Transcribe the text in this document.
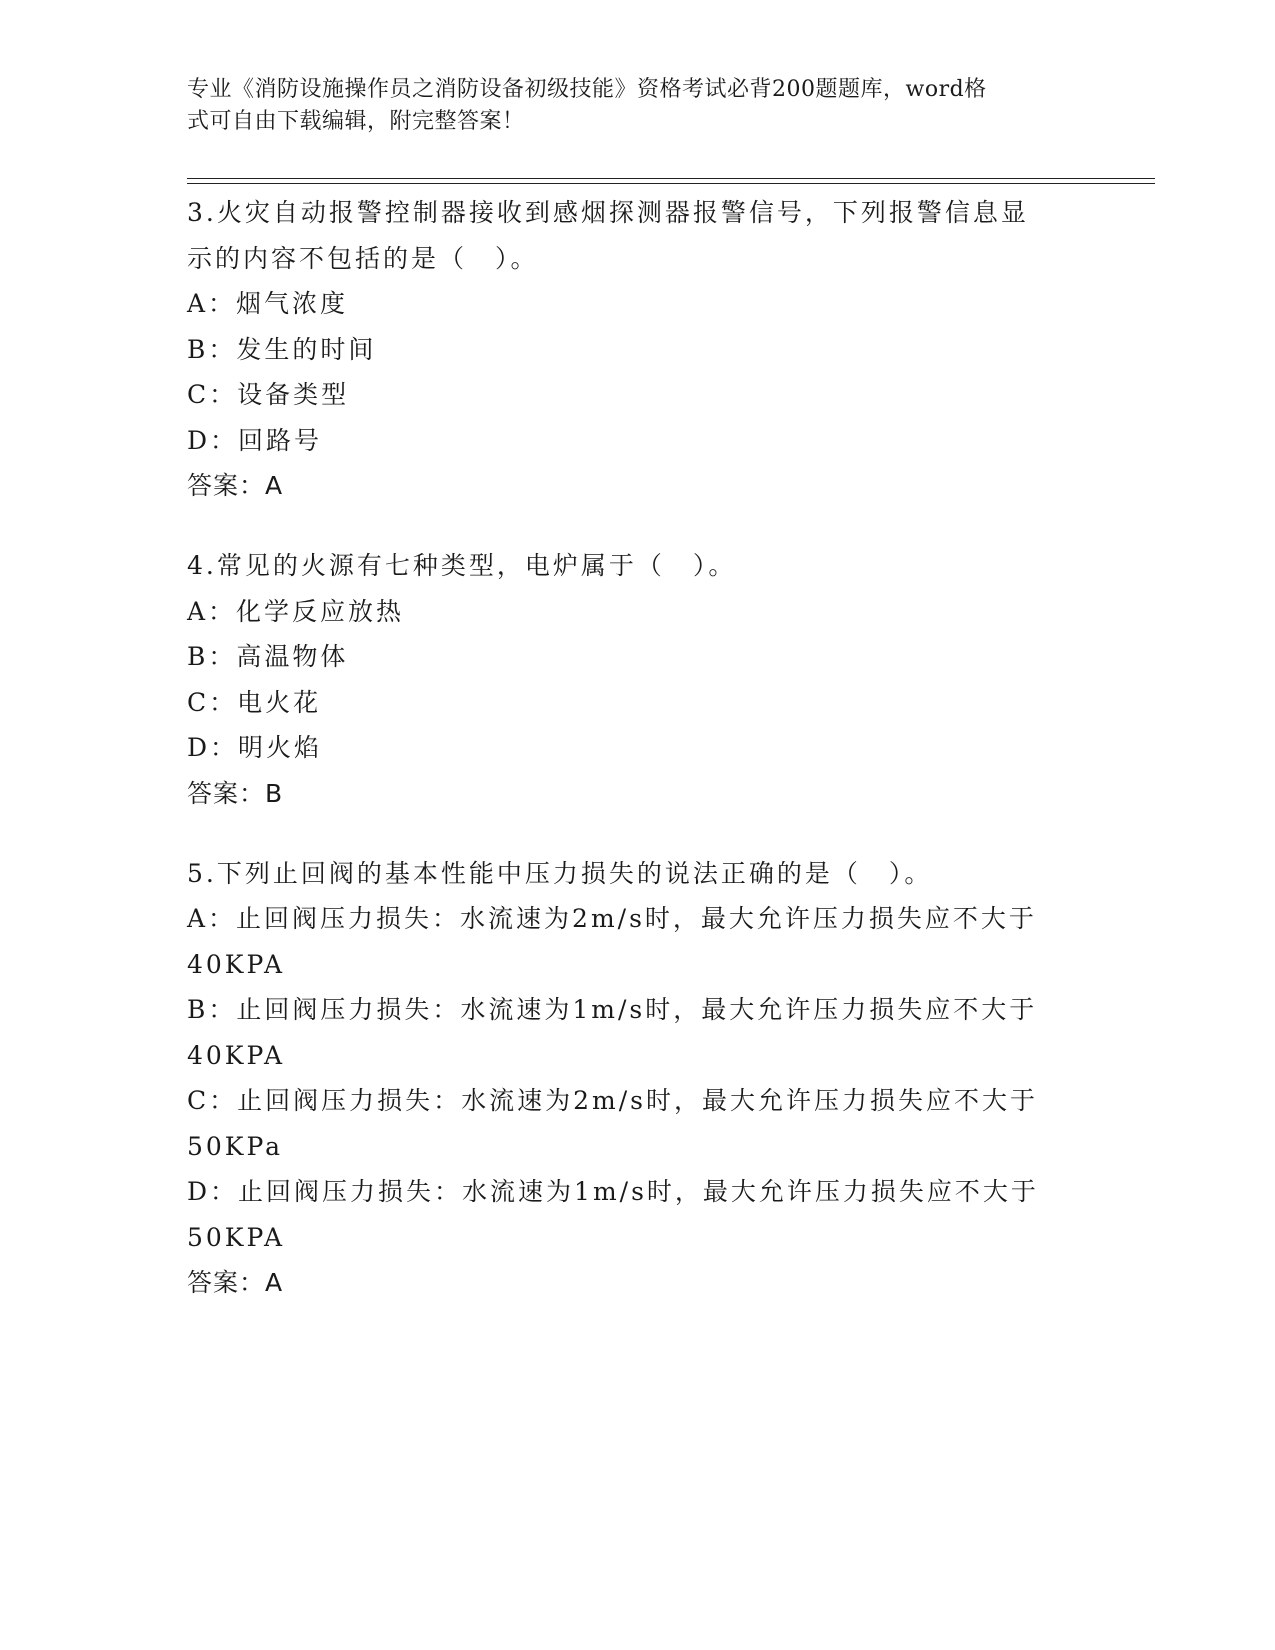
专业《消防设施操作员之消防设备初级技能》资格考试必背200题题库，word格
式可自由下载编辑，附完整答案！
3.火灾自动报警控制器接收到感烟探测器报警信号，下列报警信息显
示的内容不包括的是（　）。
A：烟气浓度
B：发生的时间
C：设备类型
D：回路号
答案：A
4.常见的火源有七种类型，电炉属于（　）。
A：化学反应放热
B：高温物体
C：电火花
D：明火焰
答案：B
5.下列止回阀的基本性能中压力损失的说法正确的是（　）。
A：止回阀压力损失：水流速为2m/s时，最大允许压力损失应不大于
40KPA
B：止回阀压力损失：水流速为1m/s时，最大允许压力损失应不大于
40KPA
C：止回阀压力损失：水流速为2m/s时，最大允许压力损失应不大于
50KPa
D：止回阀压力损失：水流速为1m/s时，最大允许压力损失应不大于
50KPA
答案：A
